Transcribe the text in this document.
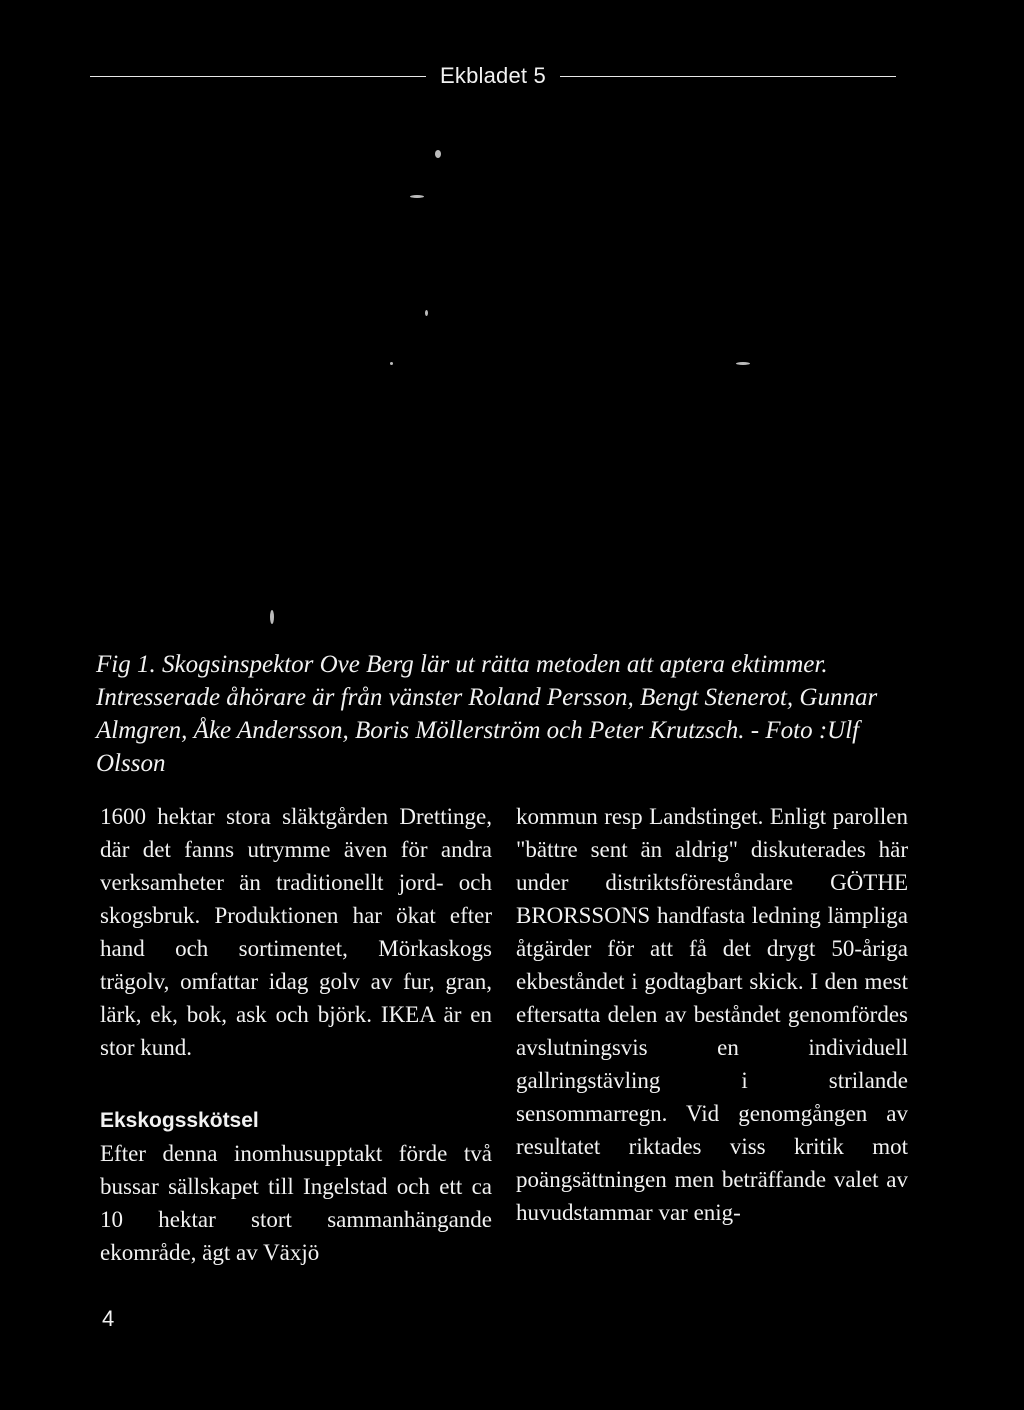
Ekbladet 5

Fig 1. Skogsinspektor Ove Berg lär ut rätta metoden att aptera ektimmer. Intresserade åhörare är från vänster Roland Persson, Bengt Stenerot, Gunnar Almgren, Åke Andersson, Boris Möllerström och Peter Krutzsch. - Foto :Ulf Olsson

1600 hektar stora släktgården Drettinge, där det fanns utrymme även för andra verksamheter än traditionellt jord- och skogsbruk. Produktionen har ökat efter hand och sortimentet, Mörkaskogs trägolv, omfattar idag golv av fur, gran, lärk, ek, bok, ask och björk. IKEA är en stor kund.

Ekskogsskötsel

Efter denna inomhusupptakt förde två bussar sällskapet till Ingelstad och ett ca 10 hektar stort sammanhängande ekområde, ägt av Växjö

kommun resp Landstinget. Enligt parollen "bättre sent än aldrig" diskuterades här under distriktsföreståndare GÖTHE BRORSSONS handfasta ledning lämpliga åtgärder för att få det drygt 50-åriga ekbeståndet i godtagbart skick. I den mest eftersatta delen av beståndet genomfördes avslutningsvis en individuell gallringstävling i strilande sensommarregn. Vid genomgången av resultatet riktades viss kritik mot poängsättningen men beträffande valet av huvudstammar var enig-

4
